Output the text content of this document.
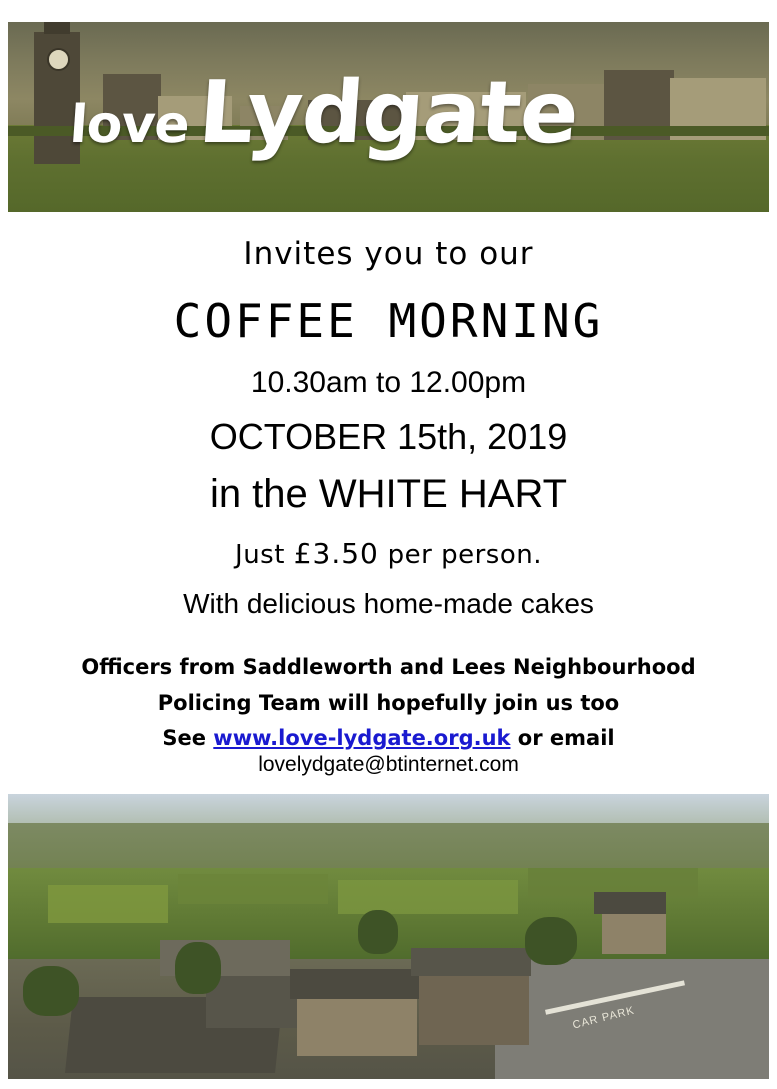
loveLydgate

Invites you to our

COFFEE MORNING

10.30am to 12.00pm

OCTOBER 15th, 2019

in the WHITE HART

Just £3.50 per person.

With delicious home-made cakes

Officers from Saddleworth and Lees Neighbourhood

Policing Team will hopefully join us too

See www.love-lydgate.org.uk or email

lovelydgate@btinternet.com

CAR PARK
